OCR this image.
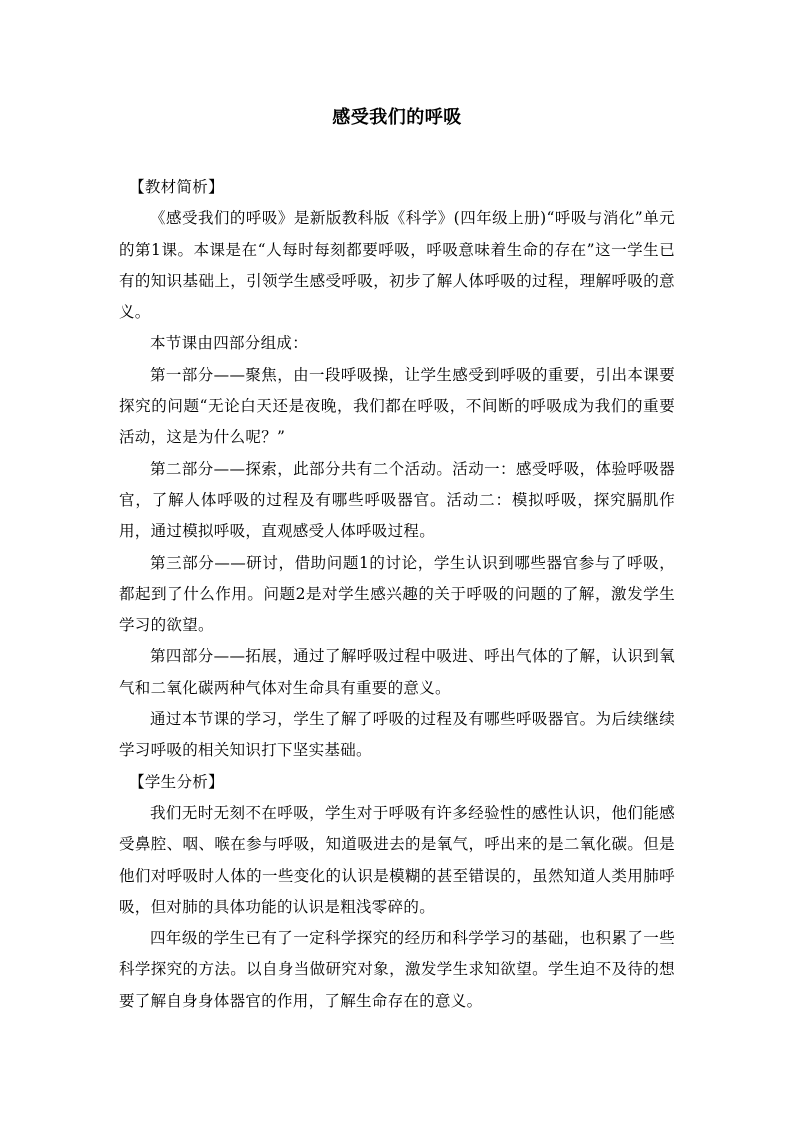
感受我们的呼吸

【教材简析】

《感受我们的呼吸》是新版教科版《科学》(四年级上册)“呼吸与消化”单元的第1课。本课是在“人每时每刻都要呼吸，呼吸意味着生命的存在”这一学生已有的知识基础上，引领学生感受呼吸，初步了解人体呼吸的过程，理解呼吸的意义。

本节课由四部分组成：

第一部分——聚焦，由一段呼吸操，让学生感受到呼吸的重要，引出本课要探究的问题“无论白天还是夜晚，我们都在呼吸，不间断的呼吸成为我们的重要活动，这是为什么呢？”

第二部分——探索，此部分共有二个活动。活动一：感受呼吸，体验呼吸器官，了解人体呼吸的过程及有哪些呼吸器官。活动二：模拟呼吸，探究膈肌作用，通过模拟呼吸，直观感受人体呼吸过程。

第三部分——研讨，借助问题1的讨论，学生认识到哪些器官参与了呼吸，都起到了什么作用。问题2是对学生感兴趣的关于呼吸的问题的了解，激发学生学习的欲望。

第四部分——拓展，通过了解呼吸过程中吸进、呼出气体的了解，认识到氧气和二氧化碳两种气体对生命具有重要的意义。

通过本节课的学习，学生了解了呼吸的过程及有哪些呼吸器官。为后续继续学习呼吸的相关知识打下坚实基础。

【学生分析】

我们无时无刻不在呼吸，学生对于呼吸有许多经验性的感性认识，他们能感受鼻腔、咽、喉在参与呼吸，知道吸进去的是氧气，呼出来的是二氧化碳。但是他们对呼吸时人体的一些变化的认识是模糊的甚至错误的，虽然知道人类用肺呼吸，但对肺的具体功能的认识是粗浅零碎的。

四年级的学生已有了一定科学探究的经历和科学学习的基础，也积累了一些科学探究的方法。以自身当做研究对象，激发学生求知欲望。学生迫不及待的想要了解自身身体器官的作用，了解生命存在的意义。
